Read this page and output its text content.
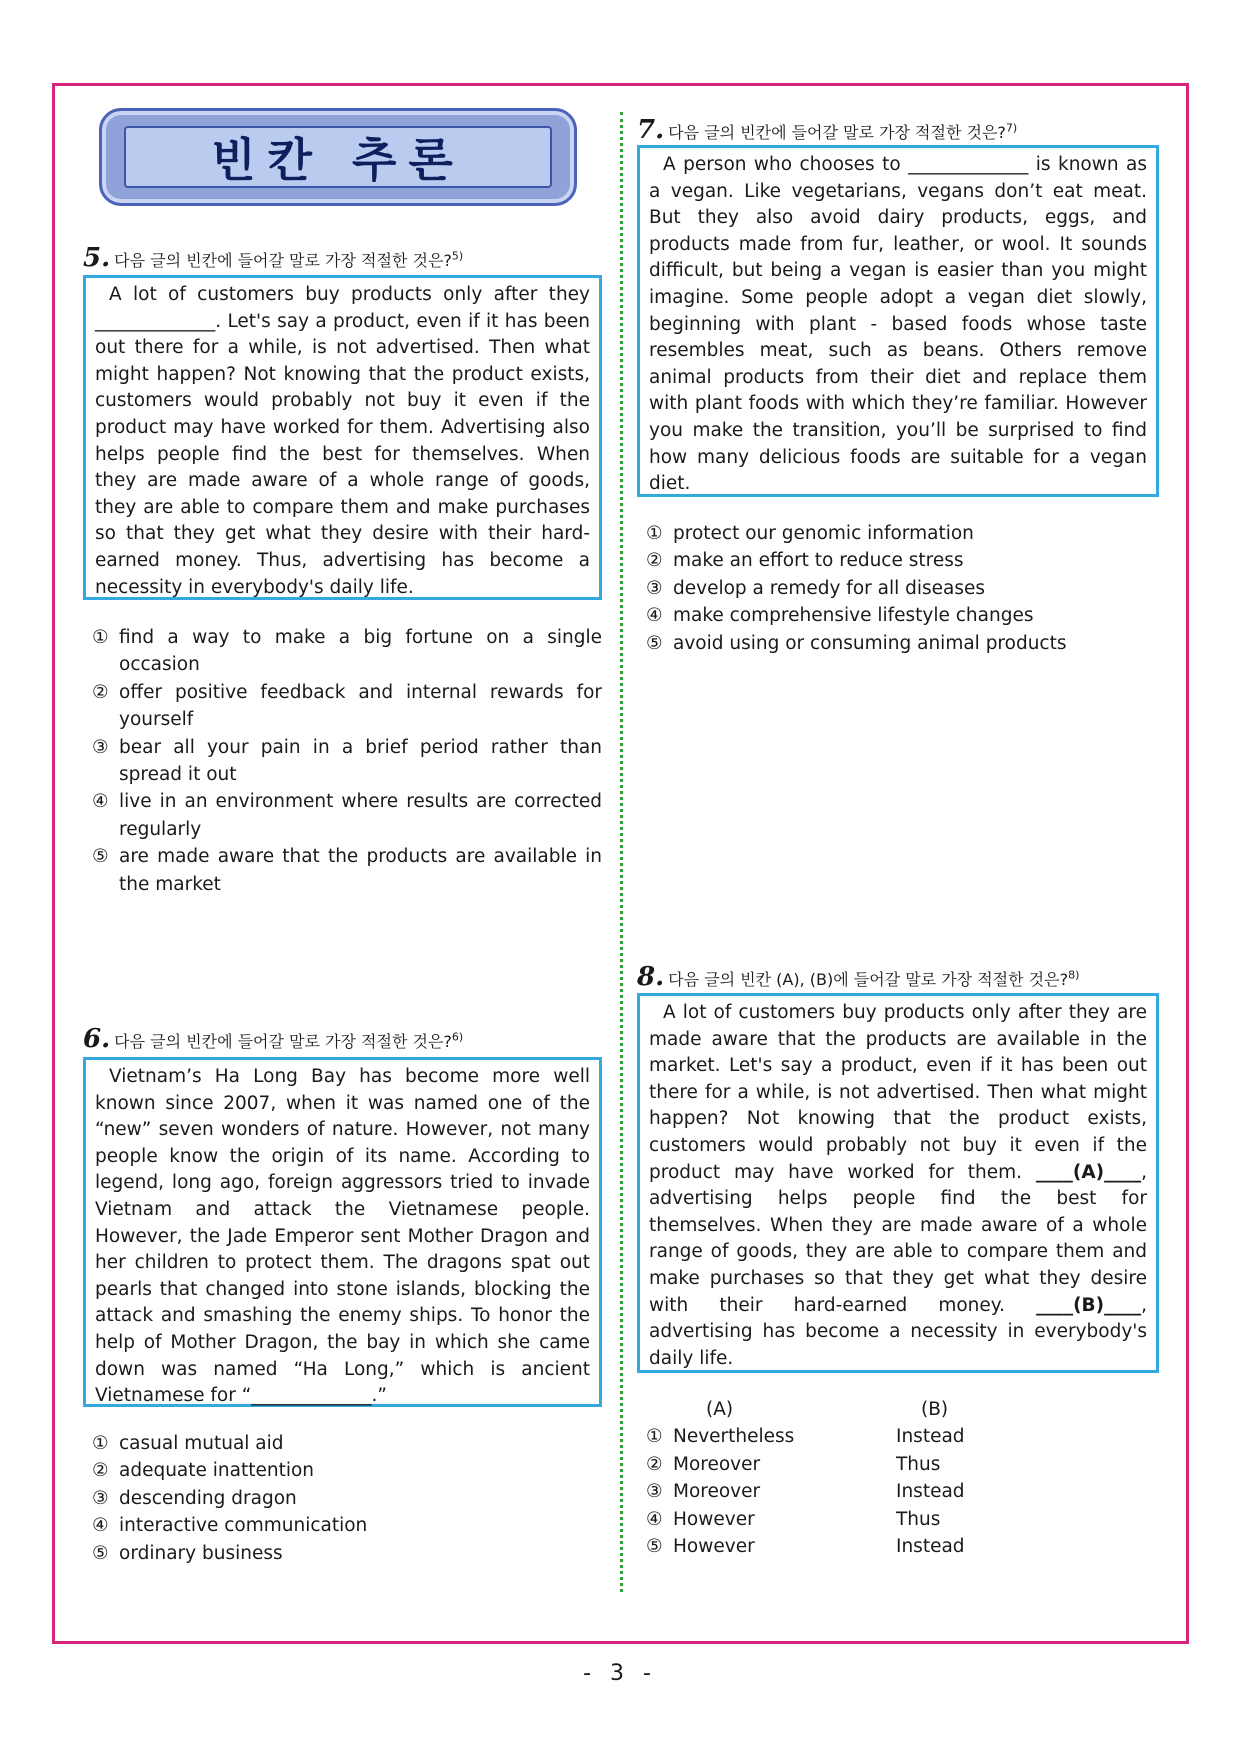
빈칸 추론
5. 다음 글의 빈칸에 들어갈 말로 가장 적절한 것은?$^{5)}$

A lot of customers buy products only after they _____________. Let's say a product, even if it has been out there for a while, is not advertised. Then what might happen? Not knowing that the product exists, customers would probably not buy it even if the product may have worked for them. Advertising also helps people find the best for themselves. When they are made aware of a whole range of goods, they are able to compare them and make purchases so that they get what they desire with their hard-earned money. Thus, advertising has become a necessity in everybody's daily life.

① find a way to make a big fortune on a single occasion
② offer positive feedback and internal rewards for yourself
③ bear all your pain in a brief period rather than spread it out
④ live in an environment where results are corrected regularly
⑤ are made aware that the products are available in the market
6. 다음 글의 빈칸에 들어갈 말로 가장 적절한 것은?$^{6)}$

Vietnam’s Ha Long Bay has become more well known since 2007, when it was named one of the “new” seven wonders of nature. However, not many people know the origin of its name. According to legend, long ago, foreign aggressors tried to invade Vietnam and attack the Vietnamese people. However, the Jade Emperor sent Mother Dragon and her children to protect them. The dragons spat out pearls that changed into stone islands, blocking the attack and smashing the enemy ships. To honor the help of Mother Dragon, the bay in which she came down was named “Ha Long,” which is ancient Vietnamese for “_____________.”

① casual mutual aid
② adequate inattention
③ descending dragon
④ interactive communication
⑤ ordinary business
7. 다음 글의 빈칸에 들어갈 말로 가장 적절한 것은?$^{7)}$

A person who chooses to _____________ is known as a vegan. Like vegetarians, vegans don’t eat meat. But they also avoid dairy products, eggs, and products made from fur, leather, or wool. It sounds difficult, but being a vegan is easier than you might imagine. Some people adopt a vegan diet slowly, beginning with plant - based foods whose taste resembles meat, such as beans. Others remove animal products from their diet and replace them with plant foods with which they’re familiar. However you make the transition, you’ll be surprised to find how many delicious foods are suitable for a vegan diet.

① protect our genomic information
② make an effort to reduce stress
③ develop a remedy for all diseases
④ make comprehensive lifestyle changes
⑤ avoid using or consuming animal products
8. 다음 글의 빈칸 (A), (B)에 들어갈 말로 가장 적절한 것은?$^{8)}$

A lot of customers buy products only after they are made aware that the products are available in the market. Let's say a product, even if it has been out there for a while, is not advertised. Then what might happen? Not knowing that the product exists, customers would probably not buy it even if the product may have worked for them. ____(A)____, advertising helps people find the best for themselves. When they are made aware of a whole range of goods, they are able to compare them and make purchases so that they get what they desire with their hard-earned money. ____(B)____, advertising has become a necessity in everybody's daily life.

(A)	(B)
① Nevertheless	Instead
② Moreover	Thus
③ Moreover	Instead
④ However	Thus
⑤ However	Instead
- 3 -
